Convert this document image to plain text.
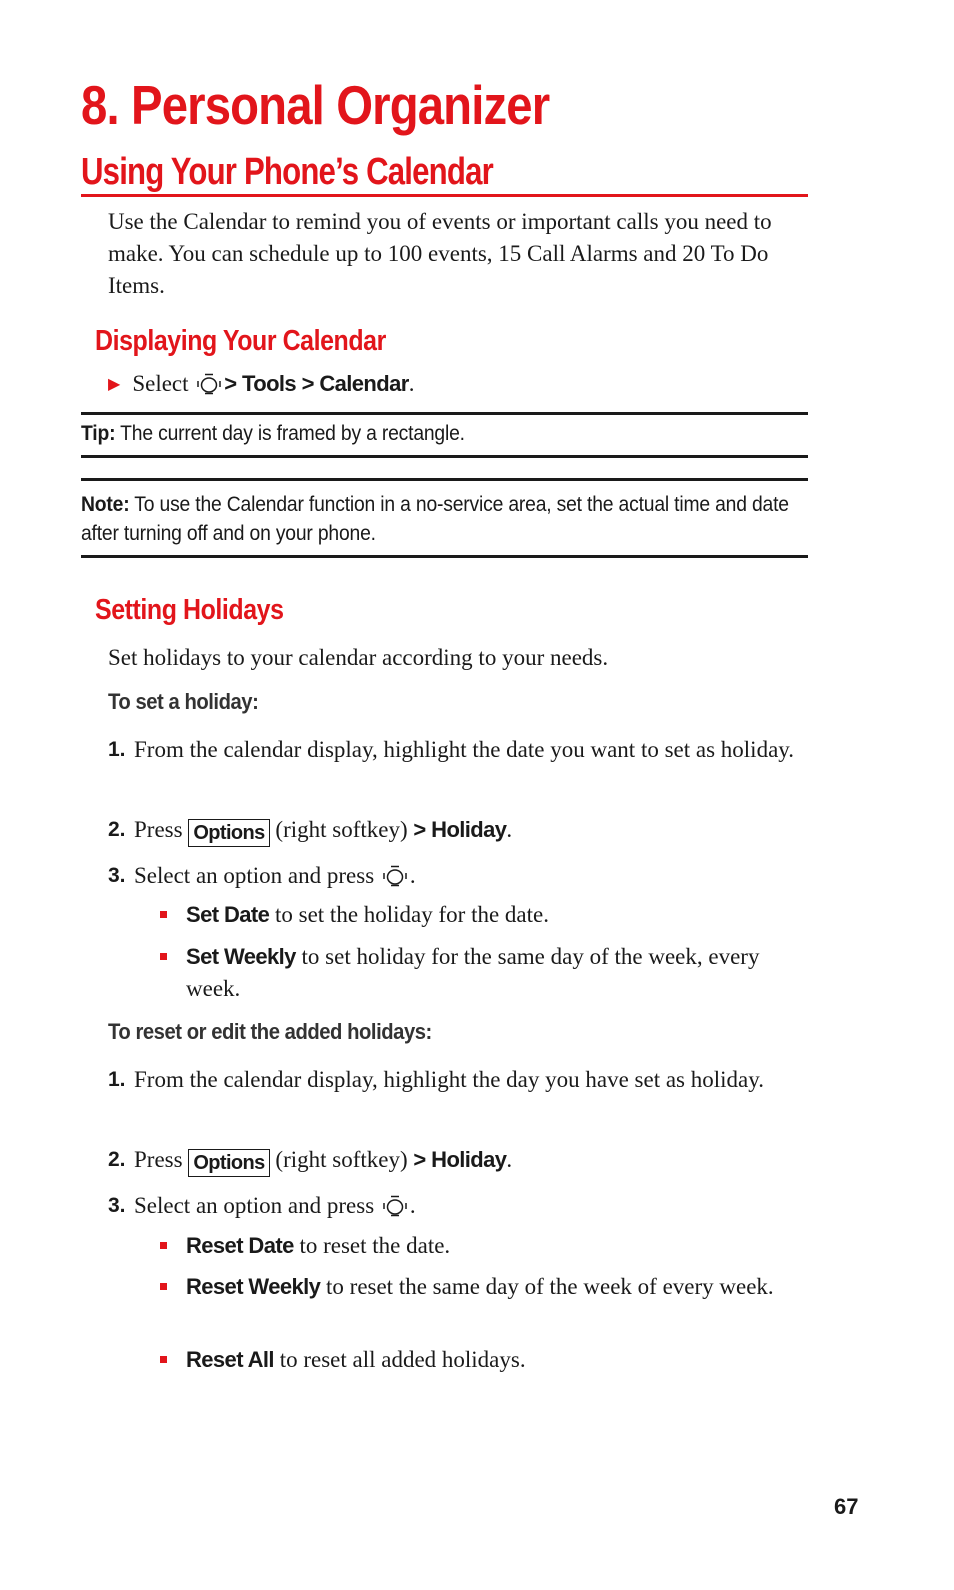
8. Personal Organizer
Using Your Phone’s Calendar
Use the Calendar to remind you of events or important calls you need to make. You can schedule up to 100 events, 15 Call Alarms and 20 To Do Items.
Displaying Your Calendar
▶ Select > Tools > Calendar.
Tip: The current day is framed by a rectangle.
Note: To use the Calendar function in a no-service area, set the actual time and date after turning off and on your phone.
Setting Holidays
Set holidays to your calendar according to your needs.
To set a holiday:
1. From the calendar display, highlight the date you want to set as holiday.
2. Press Options (right softkey) > Holiday.
3. Select an option and press .
Set Date to set the holiday for the date.
Set Weekly to set holiday for the same day of the week, every week.
To reset or edit the added holidays:
1. From the calendar display, highlight the day you have set as holiday.
2. Press Options (right softkey) > Holiday.
3. Select an option and press .
Reset Date to reset the date.
Reset Weekly to reset the same day of the week of every week.
Reset All to reset all added holidays.
67
